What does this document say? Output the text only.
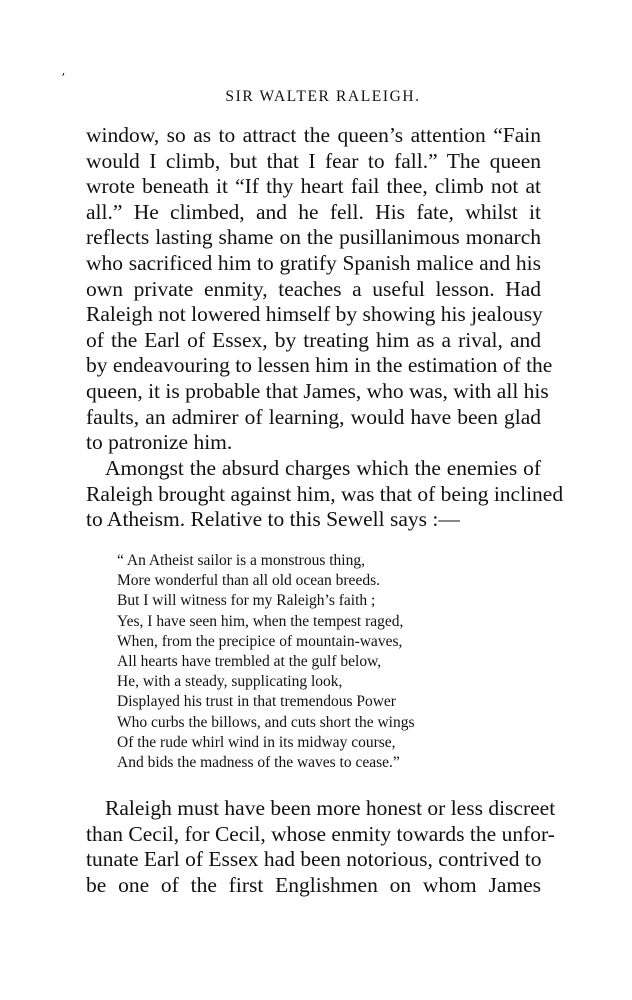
ʼ
SIR WALTER RALEIGH.
window, so as to attract the queen’s attention “Fain
would I climb, but that I fear to fall.” The queen
wrote beneath it “If thy heart fail thee, climb not at
all.” He climbed, and he fell. His fate, whilst it
reflects lasting shame on the pusillanimous monarch
who sacrificed him to gratify Spanish malice and his
own private enmity, teaches a useful lesson. Had
Raleigh not lowered himself by showing his jealousy
of the Earl of Essex, by treating him as a rival, and
by endeavouring to lessen him in the estimation of the
queen, it is probable that James, who was, with all his
faults, an admirer of learning, would have been glad
to patronize him.
Amongst the absurd charges which the enemies of
Raleigh brought against him, was that of being inclined
to Atheism. Relative to this Sewell says :—
“ An Atheist sailor is a monstrous thing,
More wonderful than all old ocean breeds.
But I will witness for my Raleigh’s faith ;
Yes, I have seen him, when the tempest raged,
When, from the precipice of mountain-waves,
All hearts have trembled at the gulf below,
He, with a steady, supplicating look,
Displayed his trust in that tremendous Power
Who curbs the billows, and cuts short the wings
Of the rude whirl wind in its midway course,
And bids the madness of the waves to cease.”
Raleigh must have been more honest or less discreet
than Cecil, for Cecil, whose enmity towards the unfor-
tunate Earl of Essex had been notorious, contrived to
be one of the first Englishmen on whom James
